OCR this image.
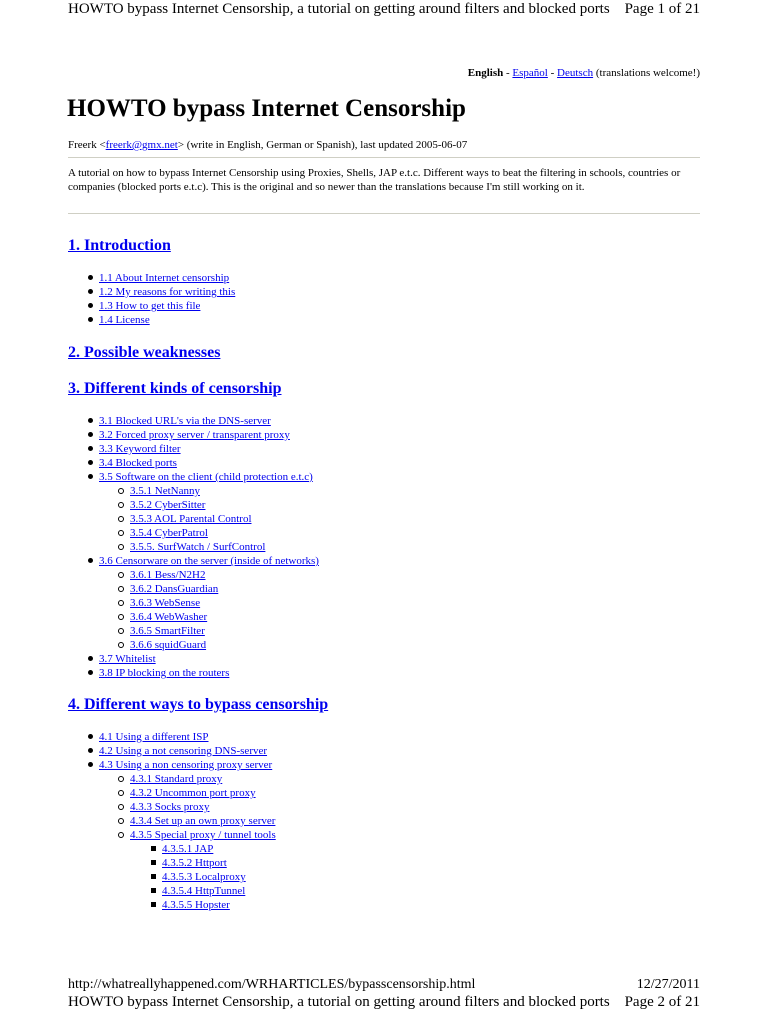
HOWTO bypass Internet Censorship, a tutorial on getting around filters and blocked ports Page 1 of 21
English - Español - Deutsch (translations welcome!)
HOWTO bypass Internet Censorship
Freerk <freerk@gmx.net> (write in English, German or Spanish), last updated 2005-06-07
A tutorial on how to bypass Internet Censorship using Proxies, Shells, JAP e.t.c. Different ways to beat the filtering in schools, countries or companies (blocked ports e.t.c). This is the original and so newer than the translations because I'm still working on it.
1. Introduction
1.1 About Internet censorship
1.2 My reasons for writing this
1.3 How to get this file
1.4 License
2. Possible weaknesses
3. Different kinds of censorship
3.1 Blocked URL's via the DNS-server
3.2 Forced proxy server / transparent proxy
3.3 Keyword filter
3.4 Blocked ports
3.5 Software on the client (child protection e.t.c)
3.5.1 NetNanny
3.5.2 CyberSitter
3.5.3 AOL Parental Control
3.5.4 CyberPatrol
3.5.5. SurfWatch / SurfControl
3.6 Censorware on the server (inside of networks)
3.6.1 Bess/N2H2
3.6.2 DansGuardian
3.6.3 WebSense
3.6.4 WebWasher
3.6.5 SmartFilter
3.6.6 squidGuard
3.7 Whitelist
3.8 IP blocking on the routers
4. Different ways to bypass censorship
4.1 Using a different ISP
4.2 Using a not censoring DNS-server
4.3 Using a non censoring proxy server
4.3.1 Standard proxy
4.3.2 Uncommon port proxy
4.3.3 Socks proxy
4.3.4 Set up an own proxy server
4.3.5 Special proxy / tunnel tools
4.3.5.1 JAP
4.3.5.2 Httport
4.3.5.3 Localproxy
4.3.5.4 HttpTunnel
4.3.5.5 Hopster
http://whatreallyhappened.com/WRHARTICLES/bypasscensorship.html	12/27/2011
HOWTO bypass Internet Censorship, a tutorial on getting around filters and blocked ports Page 2 of 21
